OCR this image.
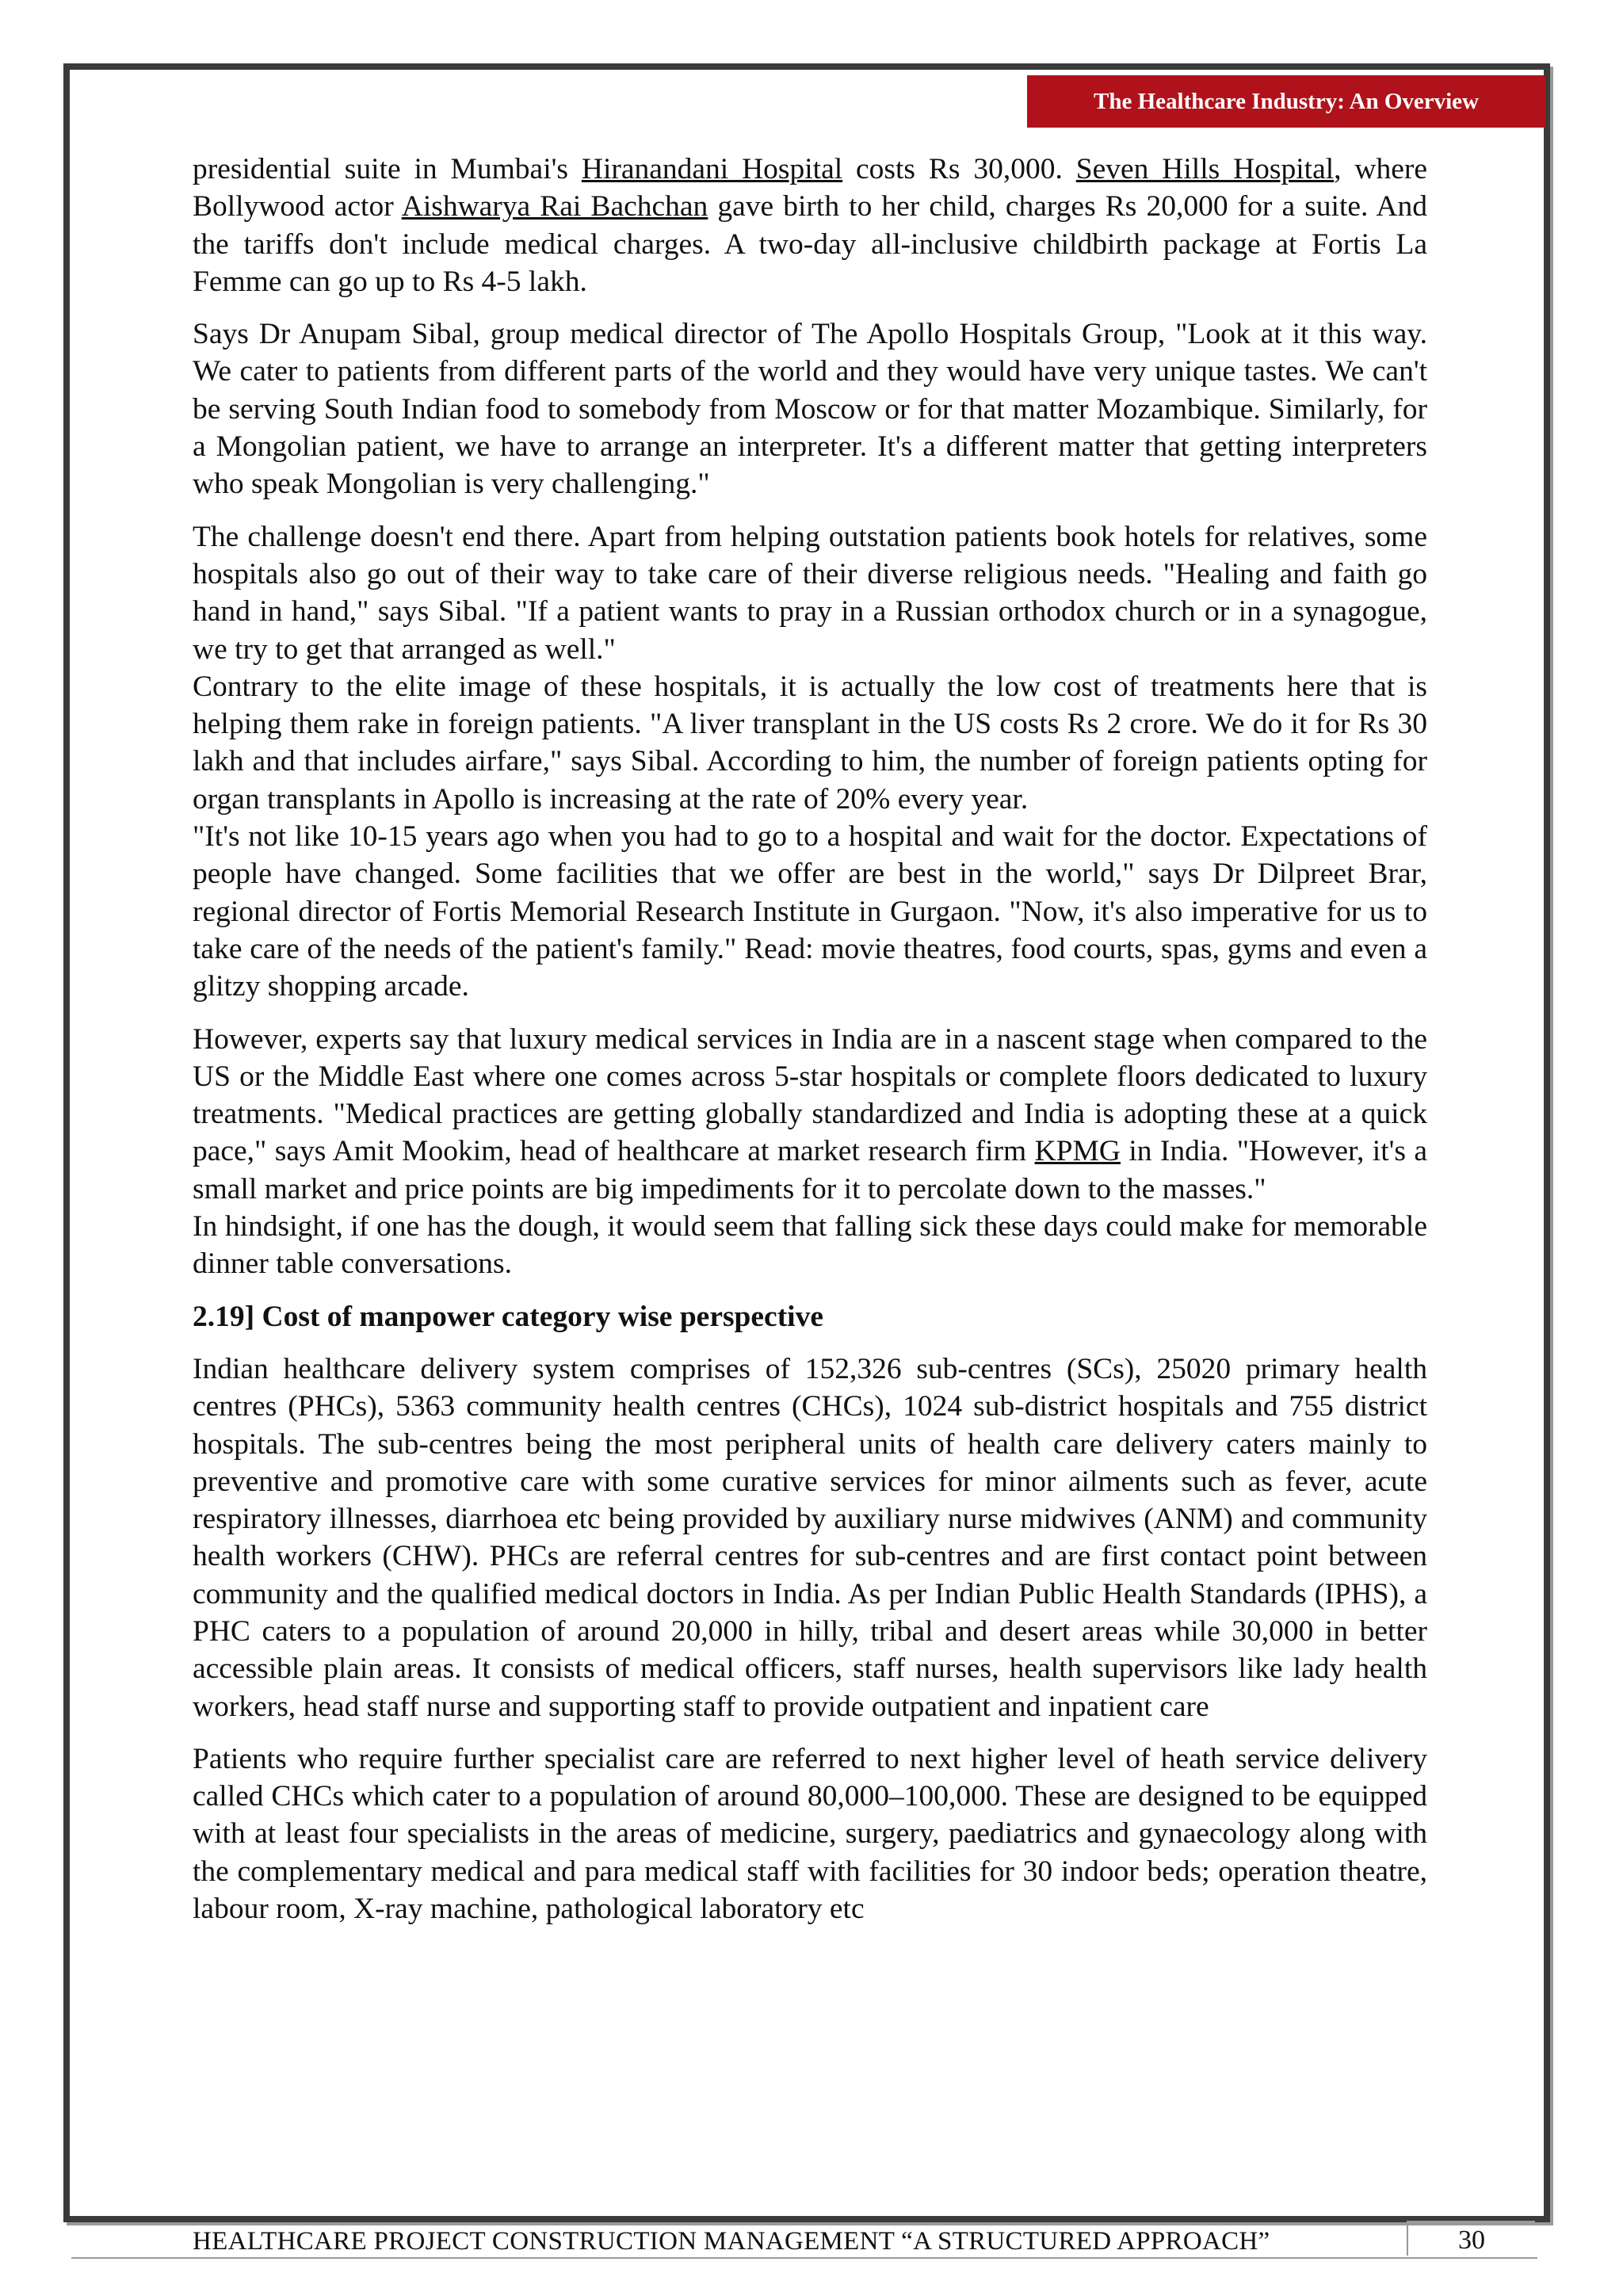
The Healthcare Industry: An Overview

presidential suite in Mumbai's Hiranandani Hospital costs Rs 30,000. Seven Hills Hospital, where Bollywood actor Aishwarya Rai Bachchan gave birth to her child, charges Rs 20,000 for a suite. And the tariffs don't include medical charges. A two-day all-inclusive childbirth package at Fortis La Femme can go up to Rs 4-5 lakh.

Says Dr Anupam Sibal, group medical director of The Apollo Hospitals Group, "Look at it this way. We cater to patients from different parts of the world and they would have very unique tastes. We can't be serving South Indian food to somebody from Moscow or for that matter Mozambique. Similarly, for a Mongolian patient, we have to arrange an interpreter. It's a different matter that getting interpreters who speak Mongolian is very challenging."

The challenge doesn't end there. Apart from helping outstation patients book hotels for relatives, some hospitals also go out of their way to take care of their diverse religious needs. "Healing and faith go hand in hand," says Sibal. "If a patient wants to pray in a Russian orthodox church or in a synagogue, we try to get that arranged as well."

Contrary to the elite image of these hospitals, it is actually the low cost of treatments here that is helping them rake in foreign patients. "A liver transplant in the US costs Rs 2 crore. We do it for Rs 30 lakh and that includes airfare," says Sibal. According to him, the number of foreign patients opting for organ transplants in Apollo is increasing at the rate of 20% every year.

"It's not like 10-15 years ago when you had to go to a hospital and wait for the doctor. Expectations of people have changed. Some facilities that we offer are best in the world," says Dr Dilpreet Brar, regional director of Fortis Memorial Research Institute in Gurgaon. "Now, it's also imperative for us to take care of the needs of the patient's family." Read: movie theatres, food courts, spas, gyms and even a glitzy shopping arcade.

However, experts say that luxury medical services in India are in a nascent stage when compared to the US or the Middle East where one comes across 5-star hospitals or complete floors dedicated to luxury treatments. "Medical practices are getting globally standardized and India is adopting these at a quick pace," says Amit Mookim, head of healthcare at market research firm KPMG in India. "However, it's a small market and price points are big impediments for it to percolate down to the masses."

In hindsight, if one has the dough, it would seem that falling sick these days could make for memorable dinner table conversations.

2.19] Cost of manpower category wise perspective

Indian healthcare delivery system comprises of 152,326 sub-centres (SCs), 25020 primary health centres (PHCs), 5363 community health centres (CHCs), 1024 sub-district hospitals and 755 district hospitals. The sub-centres being the most peripheral units of health care delivery caters mainly to preventive and promotive care with some curative services for minor ailments such as fever, acute respiratory illnesses, diarrhoea etc being provided by auxiliary nurse midwives (ANM) and community health workers (CHW). PHCs are referral centres for sub-centres and are first contact point between community and the qualified medical doctors in India. As per Indian Public Health Standards (IPHS), a PHC caters to a population of around 20,000 in hilly, tribal and desert areas while 30,000 in better accessible plain areas. It consists of medical officers, staff nurses, health supervisors like lady health workers, head staff nurse and supporting staff to provide outpatient and inpatient care

Patients who require further specialist care are referred to next higher level of heath service delivery called CHCs which cater to a population of around 80,000–100,000. These are designed to be equipped with at least four specialists in the areas of medicine, surgery, paediatrics and gynaecology along with the complementary medical and para medical staff with facilities for 30 indoor beds; operation theatre, labour room, X-ray machine, pathological laboratory etc

HEALTHCARE PROJECT CONSTRUCTION MANAGEMENT “A STRUCTURED APPROACH”	30
